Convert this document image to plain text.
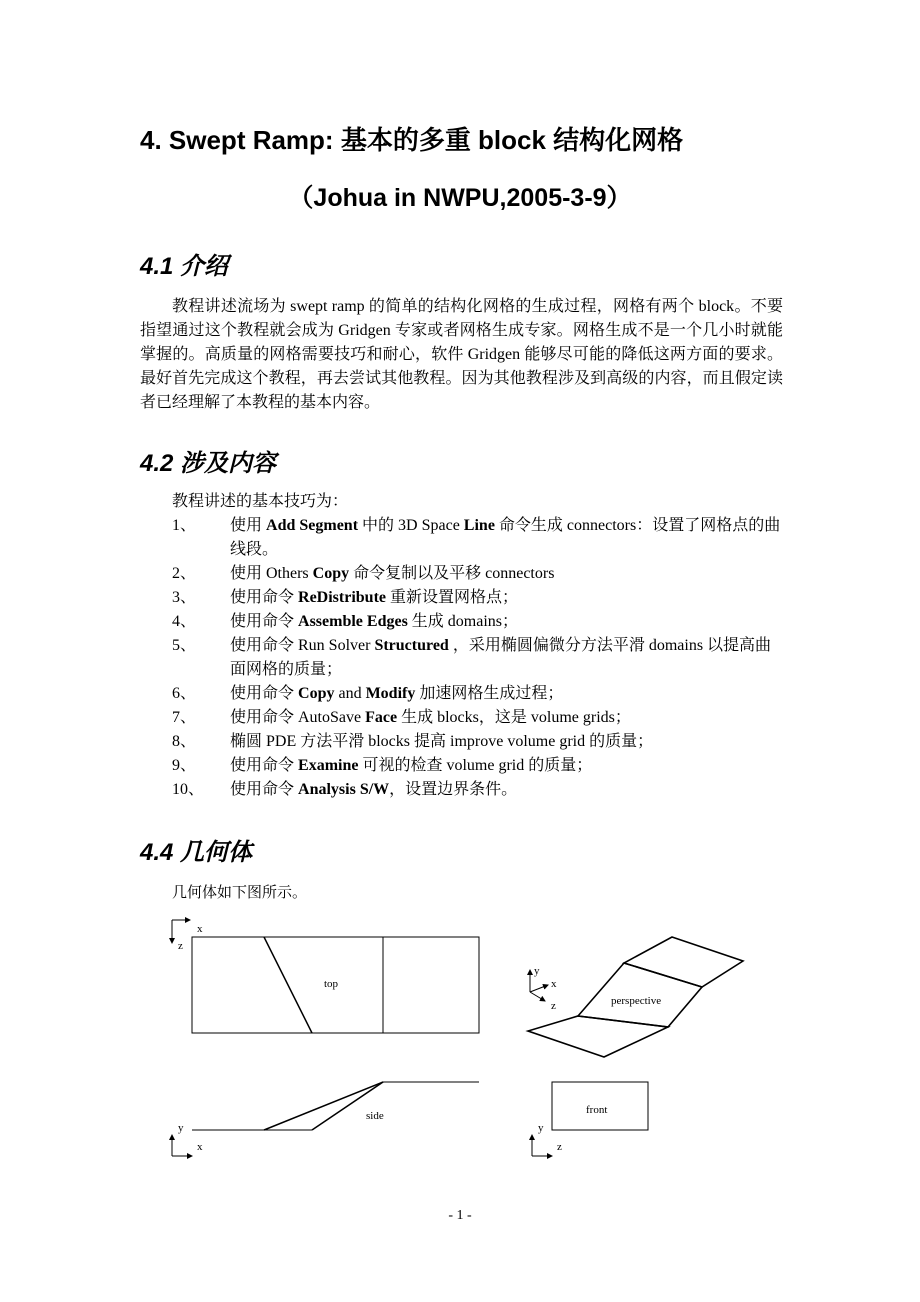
4. Swept Ramp: 基本的多重 block 结构化网格
（Johua in NWPU,2005-3-9）
4.1 介绍
教程讲述流场为 swept ramp 的简单的结构化网格的生成过程，网格有两个 block。不要指望通过这个教程就会成为 Gridgen 专家或者网格生成专家。网格生成不是一个几小时就能掌握的。高质量的网格需要技巧和耐心，软件 Gridgen 能够尽可能的降低这两方面的要求。最好首先完成这个教程，再去尝试其他教程。因为其他教程涉及到高级的内容，而且假定读者已经理解了本教程的基本内容。
4.2 涉及内容
教程讲述的基本技巧为：
1、 使用 Add Segment 中的 3D Space Line 命令生成 connectors：设置了网格点的曲线段。
2、 使用 Others Copy 命令复制以及平移 connectors
3、 使用命令 ReDistribute 重新设置网格点；
4、 使用命令 Assemble Edges 生成 domains；
5、 使用命令 Run Solver Structured ，采用椭圆偏微分方法平滑 domains 以提高曲面网格的质量；
6、 使用命令 Copy and Modify 加速网格生成过程；
7、 使用命令 AutoSave Face 生成 blocks，这是 volume grids；
8、 椭圆 PDE 方法平滑 blocks 提高 improve volume grid 的质量；
9、 使用命令 Examine 可视的检查 volume grid 的质量；
10、 使用命令 Analysis S/W，设置边界条件。
4.4 几何体
几何体如下图所示。
top
x
z
perspective
y
x
z
side
y
x
front
y
z
- 1 -
